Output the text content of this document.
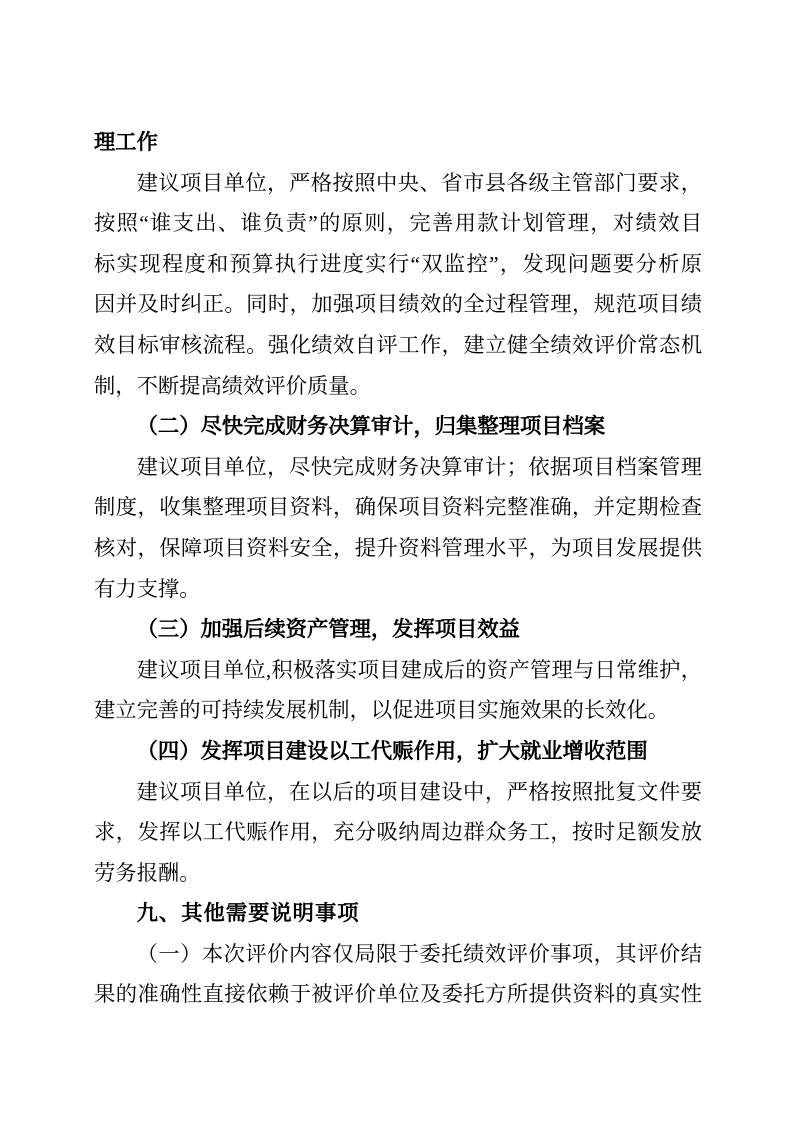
理工作
建议项目单位，严格按照中央、省市县各级主管部门要求，
按照“谁支出、谁负责”的原则，完善用款计划管理，对绩效目
标实现程度和预算执行进度实行“双监控”，发现问题要分析原
因并及时纠正。同时，加强项目绩效的全过程管理，规范项目绩
效目标审核流程。强化绩效自评工作，建立健全绩效评价常态机
制，不断提高绩效评价质量。
（二）尽快完成财务决算审计，归集整理项目档案
建议项目单位，尽快完成财务决算审计；依据项目档案管理
制度，收集整理项目资料，确保项目资料完整准确，并定期检查
核对，保障项目资料安全，提升资料管理水平，为项目发展提供
有力支撑。
（三）加强后续资产管理，发挥项目效益
建议项目单位,积极落实项目建成后的资产管理与日常维护，
建立完善的可持续发展机制，以促进项目实施效果的长效化。
（四）发挥项目建设以工代赈作用，扩大就业增收范围
建议项目单位，在以后的项目建设中，严格按照批复文件要
求，发挥以工代赈作用，充分吸纳周边群众务工，按时足额发放
劳务报酬。
九、其他需要说明事项
（一）本次评价内容仅局限于委托绩效评价事项，其评价结
果的准确性直接依赖于被评价单位及委托方所提供资料的真实性
